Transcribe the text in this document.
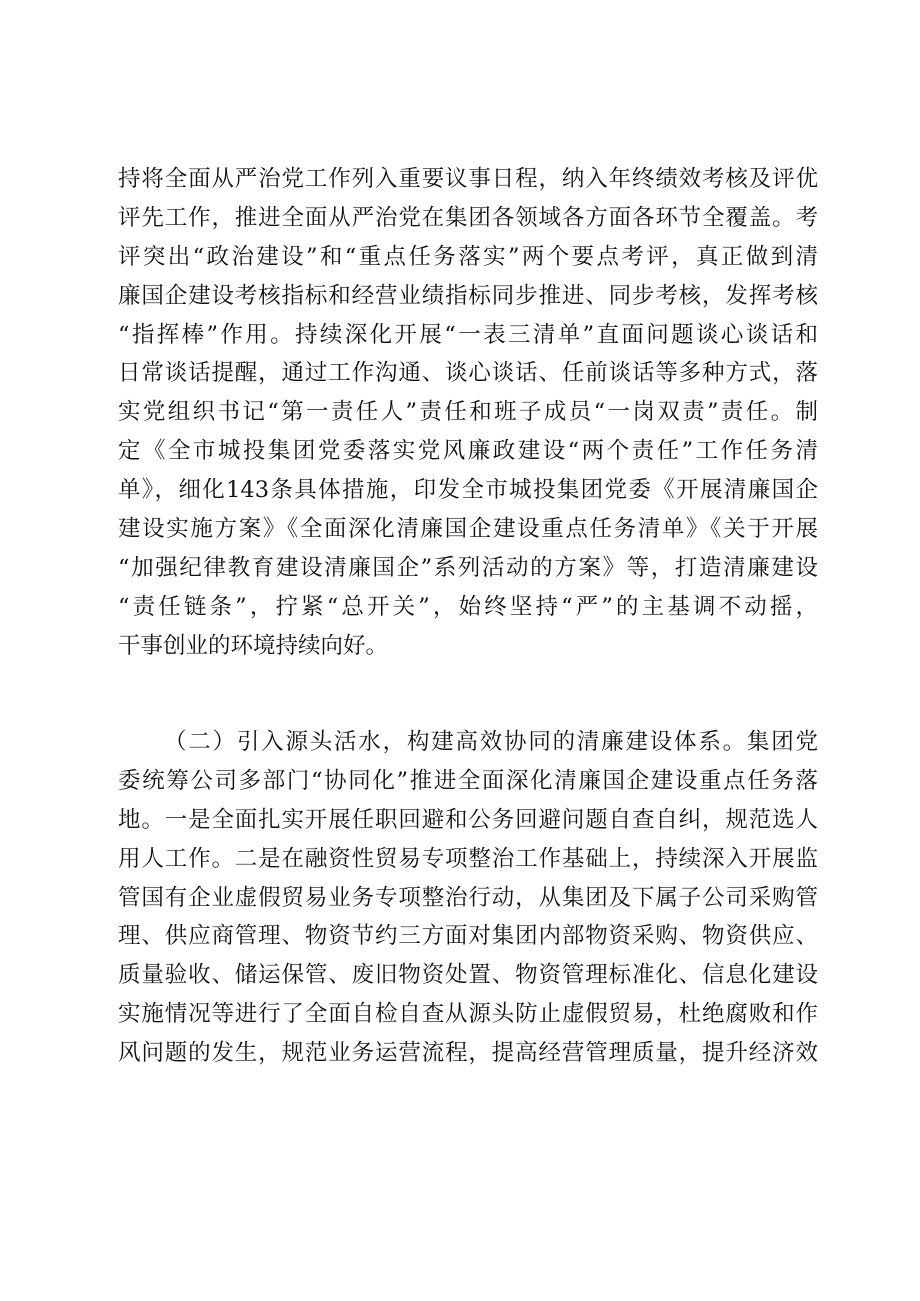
持将全面从严治党工作列入重要议事日程，纳入年终绩效考核及评优
评先工作，推进全面从严治党在集团各领域各方面各环节全覆盖。考
评突出“政治建设”和“重点任务落实”两个要点考评，真正做到清
廉国企建设考核指标和经营业绩指标同步推进、同步考核，发挥考核
“指挥棒”作用。持续深化开展“一表三清单”直面问题谈心谈话和
日常谈话提醒，通过工作沟通、谈心谈话、任前谈话等多种方式，落
实党组织书记“第一责任人”责任和班子成员“一岗双责”责任。制
定《全市城投集团党委落实党风廉政建设“两个责任”工作任务清
单》，细化143条具体措施，印发全市城投集团党委《开展清廉国企
建设实施方案》《全面深化清廉国企建设重点任务清单》《关于开展
“加强纪律教育建设清廉国企”系列活动的方案》等，打造清廉建设
“责任链条”，拧紧“总开关”，始终坚持“严”的主基调不动摇，
干事创业的环境持续向好。
（二）引入源头活水，构建高效协同的清廉建设体系。集团党
委统筹公司多部门“协同化”推进全面深化清廉国企建设重点任务落
地。一是全面扎实开展任职回避和公务回避问题自查自纠，规范选人
用人工作。二是在融资性贸易专项整治工作基础上，持续深入开展监
管国有企业虚假贸易业务专项整治行动，从集团及下属子公司采购管
理、供应商管理、物资节约三方面对集团内部物资采购、物资供应、
质量验收、储运保管、废旧物资处置、物资管理标准化、信息化建设
实施情况等进行了全面自检自查从源头防止虚假贸易，杜绝腐败和作
风问题的发生，规范业务运营流程，提高经营管理质量，提升经济效
